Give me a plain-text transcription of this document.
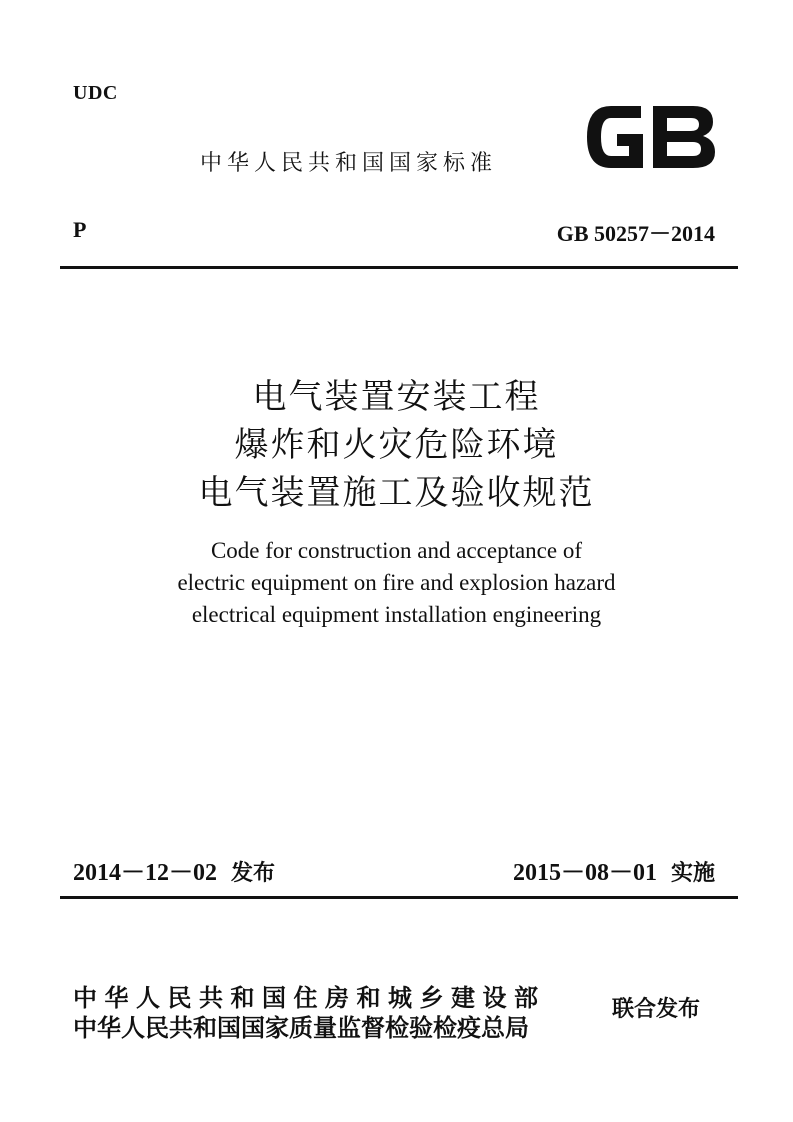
UDC
中华人民共和国国家标准
P	GB 50257－2014
电气装置安装工程
爆炸和火灾危险环境
电气装置施工及验收规范
Code for construction and acceptance of
electric equipment on fire and explosion hazard
electrical equipment installation engineering
2014－12－02 发布	2015－08－01 实施
中华人民共和国住房和城乡建设部
中华人民共和国国家质量监督检验检疫总局
联合发布
